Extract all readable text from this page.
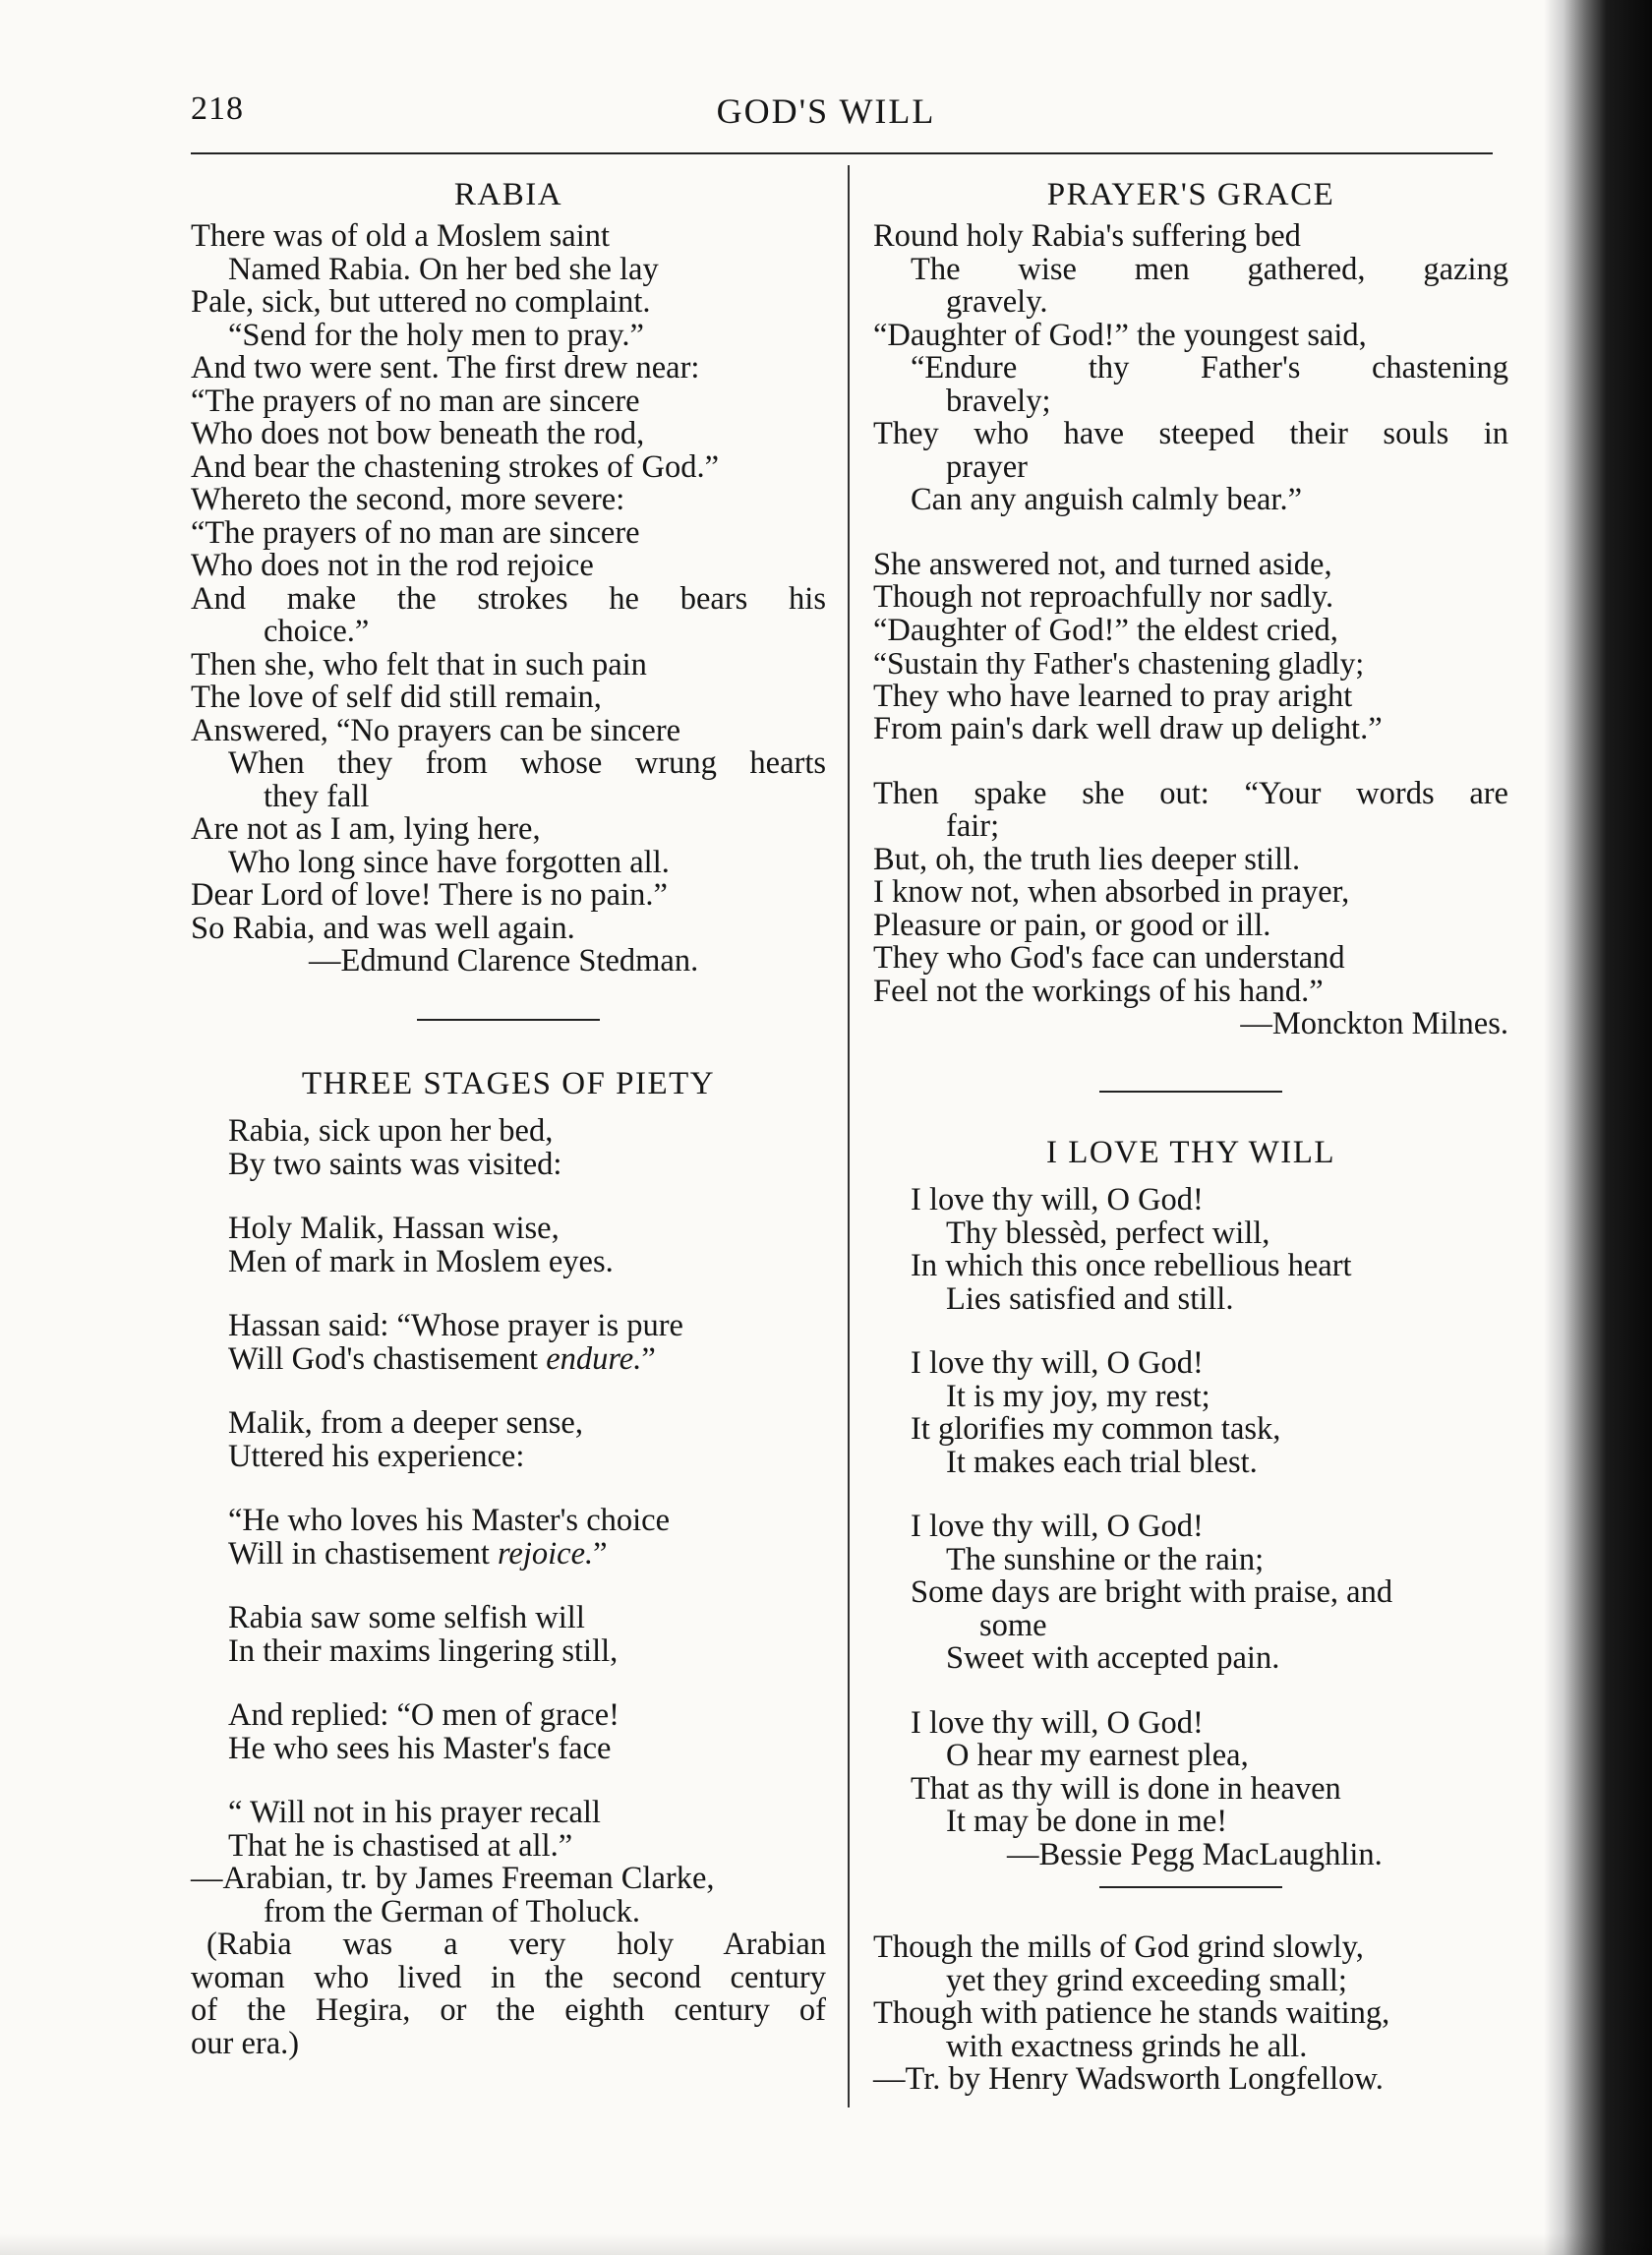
218	GOD'S WILL
RABIA
There was of old a Moslem saint
Named Rabia. On her bed she lay
Pale, sick, but uttered no complaint.
“Send for the holy men to pray.”
And two were sent. The first drew near:
“The prayers of no man are sincere
Who does not bow beneath the rod,
And bear the chastening strokes of God.”
Whereto the second, more severe:
“The prayers of no man are sincere
Who does not in the rod rejoice
And make the strokes he bears his
choice.”
Then she, who felt that in such pain
The love of self did still remain,
Answered, “No prayers can be sincere
When they from whose wrung hearts
they fall
Are not as I am, lying here,
Who long since have forgotten all.
Dear Lord of love! There is no pain.”
So Rabia, and was well again.
—Edmund Clarence Stedman.
THREE STAGES OF PIETY
Rabia, sick upon her bed,
By two saints was visited:
Holy Malik, Hassan wise,
Men of mark in Moslem eyes.
Hassan said: “Whose prayer is pure
Will God's chastisement endure.”
Malik, from a deeper sense,
Uttered his experience:
“He who loves his Master's choice
Will in chastisement rejoice.”
Rabia saw some selfish will
In their maxims lingering still,
And replied: “O men of grace!
He who sees his Master's face
“ Will not in his prayer recall
That he is chastised at all.”
—Arabian, tr. by James Freeman Clarke,
from the German of Tholuck.
(Rabia was a very holy Arabian
woman who lived in the second century
of the Hegira, or the eighth century of
our era.)
PRAYER'S GRACE
Round holy Rabia's suffering bed
The wise men gathered, gazing
gravely.
“Daughter of God!” the youngest said,
“Endure thy Father's chastening
bravely;
They who have steeped their souls in
prayer
Can any anguish calmly bear.”
She answered not, and turned aside,
Though not reproachfully nor sadly.
“Daughter of God!” the eldest cried,
“Sustain thy Father's chastening gladly;
They who have learned to pray aright
From pain's dark well draw up delight.”
Then spake she out: “Your words are
fair;
But, oh, the truth lies deeper still.
I know not, when absorbed in prayer,
Pleasure or pain, or good or ill.
They who God's face can understand
Feel not the workings of his hand.”
—Monckton Milnes.
I LOVE THY WILL
I love thy will, O God!
Thy blessèd, perfect will,
In which this once rebellious heart
Lies satisfied and still.
I love thy will, O God!
It is my joy, my rest;
It glorifies my common task,
It makes each trial blest.
I love thy will, O God!
The sunshine or the rain;
Some days are bright with praise, and
some
Sweet with accepted pain.
I love thy will, O God!
O hear my earnest plea,
That as thy will is done in heaven
It may be done in me!
—Bessie Pegg MacLaughlin.
Though the mills of God grind slowly,
yet they grind exceeding small;
Though with patience he stands waiting,
with exactness grinds he all.
—Tr. by Henry Wadsworth Longfellow.
